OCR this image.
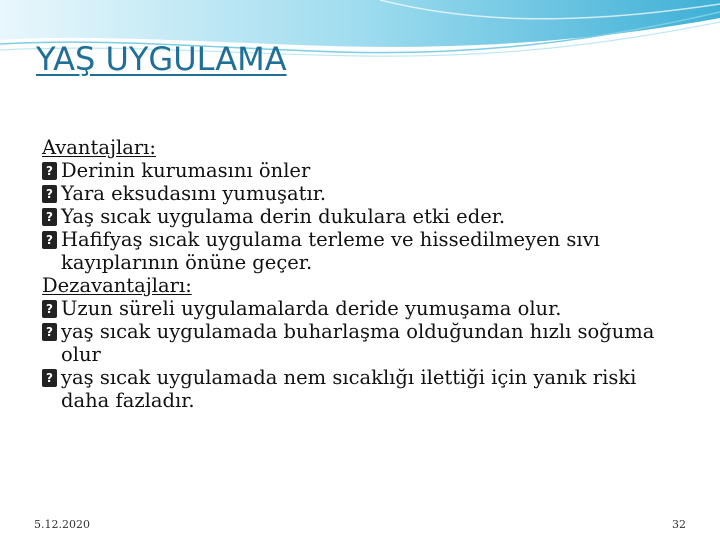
YAŞ UYGULAMA
Avantajları:
?
Derinin kurumasını önler
?
Yara eksudasını yumuşatır.
?
Yaş sıcak uygulama derin dukulara etki eder.
?
Hafifyaş sıcak uygulama terleme ve hissedilmeyen sıvı kayıplarının önüne geçer.
Dezavantajları:
?
Uzun süreli uygulamalarda deride yumuşama olur.
?
yaş sıcak uygulamada buharlaşma olduğundan hızlı soğuma olur
?
yaş sıcak uygulamada nem sıcaklığı ilettiği için yanık riski daha fazladır.
5.12.2020	32
